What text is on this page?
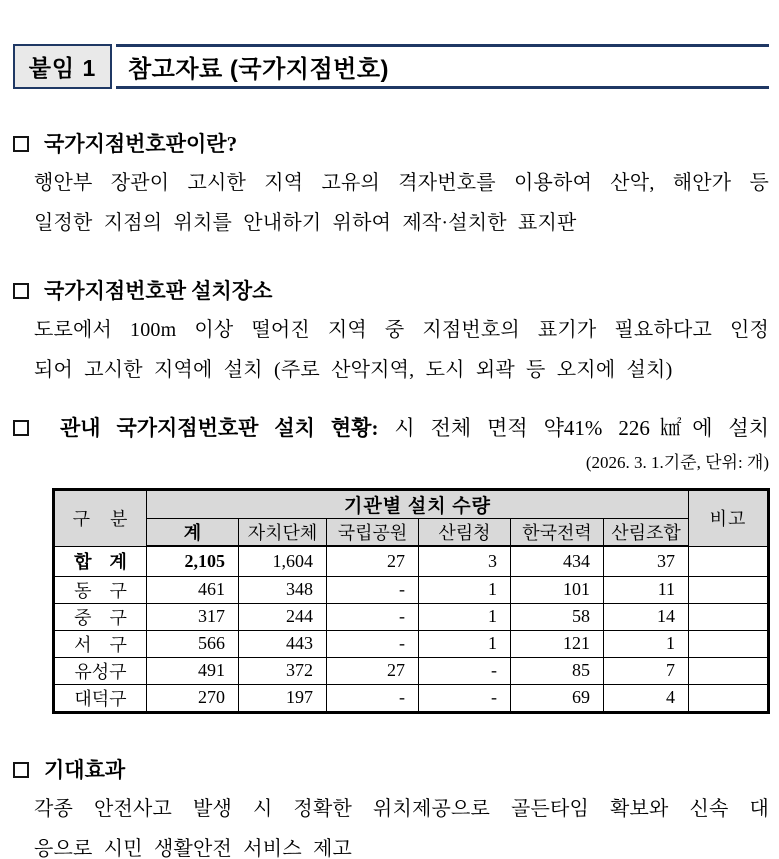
붙임 1 참고자료 (국가지점번호)
국가지점번호판이란?
행안부 장관이 고시한 지역 고유의 격자번호를 이용하여 산악, 해안가 등
일정한 지점의 위치를 안내하기 위하여 제작·설치한 표지판
국가지점번호판 설치장소
도로에서 100m 이상 떨어진 지역 중 지점번호의 표기가 필요하다고 인정
되어 고시한 지역에 설치 (주로 산악지역, 도시 외곽 등 오지에 설치)
관내 국가지점번호판 설치 현황: 시 전체 면적 약41% 226㎢에 설치
(2026. 3. 1.기준, 단위: 개)
구　분	기관별 설치 수량						비고
	계	자치단체	국립공원	산림청	한국전력	산림조합	
합　계	2,105	1,604	27	3	434	37	
동　구	461	348	-	1	101	11	
중　구	317	244	-	1	58	14	
서　구	566	443	-	1	121	1	
유성구	491	372	27	-	85	7	
대덕구	270	197	-	-	69	4	
기대효과
각종 안전사고 발생 시 정확한 위치제공으로 골든타임 확보와 신속 대
응으로 시민 생활안전 서비스 제고
